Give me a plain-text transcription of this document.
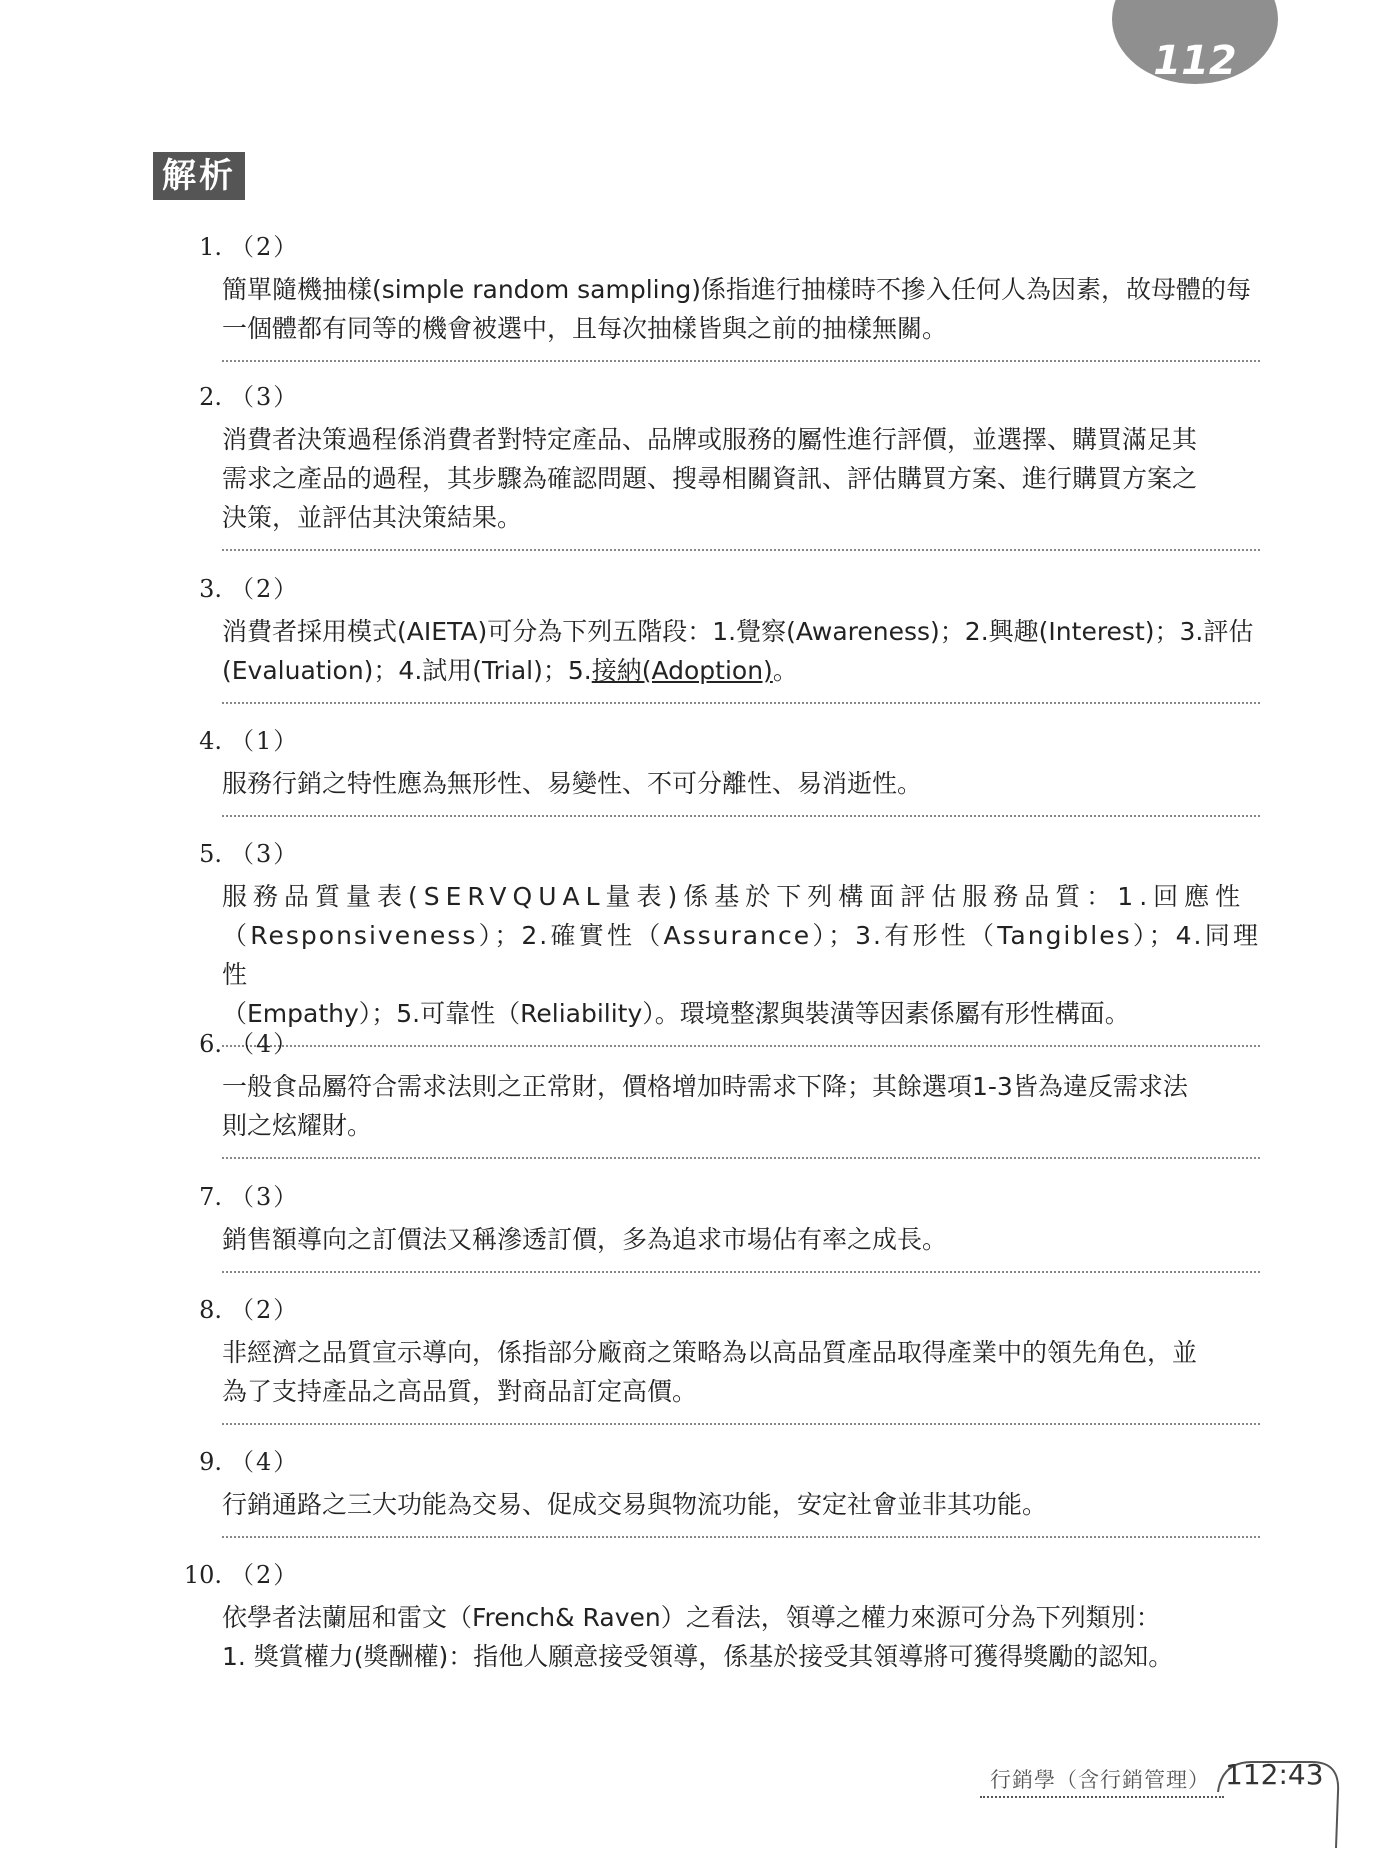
112年
解析
1. （2）
簡單隨機抽樣(simple random sampling)係指進行抽樣時不摻入任何人為因素，故母體的每
一個體都有同等的機會被選中，且每次抽樣皆與之前的抽樣無關。
2. （3）
消費者決策過程係消費者對特定產品、品牌或服務的屬性進行評價，並選擇、購買滿足其
需求之產品的過程，其步驟為確認問題、搜尋相關資訊、評估購買方案、進行購買方案之
決策，並評估其決策結果。
3. （2）
消費者採用模式(AIETA)可分為下列五階段：1.覺察(Awareness)；2.興趣(Interest)；3.評估
(Evaluation)；4.試用(Trial)；5.接納(Adoption)。
4. （1）
服務行銷之特性應為無形性、易變性、不可分離性、易消逝性。
5. （3）
服務品質量表(SERVQUAL量表)係基於下列構面評估服務品質：1.回應性
（Responsiveness）；2.確實性（Assurance）；3.有形性（Tangibles）；4.同理性
（Empathy）；5.可靠性（Reliability）。環境整潔與裝潢等因素係屬有形性構面。
6. （4）
一般食品屬符合需求法則之正常財，價格增加時需求下降；其餘選項1-3皆為違反需求法
則之炫耀財。
7. （3）
銷售額導向之訂價法又稱滲透訂價，多為追求市場佔有率之成長。
8. （2）
非經濟之品質宣示導向，係指部分廠商之策略為以高品質產品取得產業中的領先角色，並
為了支持產品之高品質，對商品訂定高價。
9. （4）
行銷通路之三大功能為交易、促成交易與物流功能，安定社會並非其功能。
10. （2）
依學者法蘭屈和雷文（French& Raven）之看法，領導之權力來源可分為下列類別：
1. 獎賞權力(獎酬權)：指他人願意接受領導，係基於接受其領導將可獲得獎勵的認知。
行銷學（含行銷管理） 112:43
